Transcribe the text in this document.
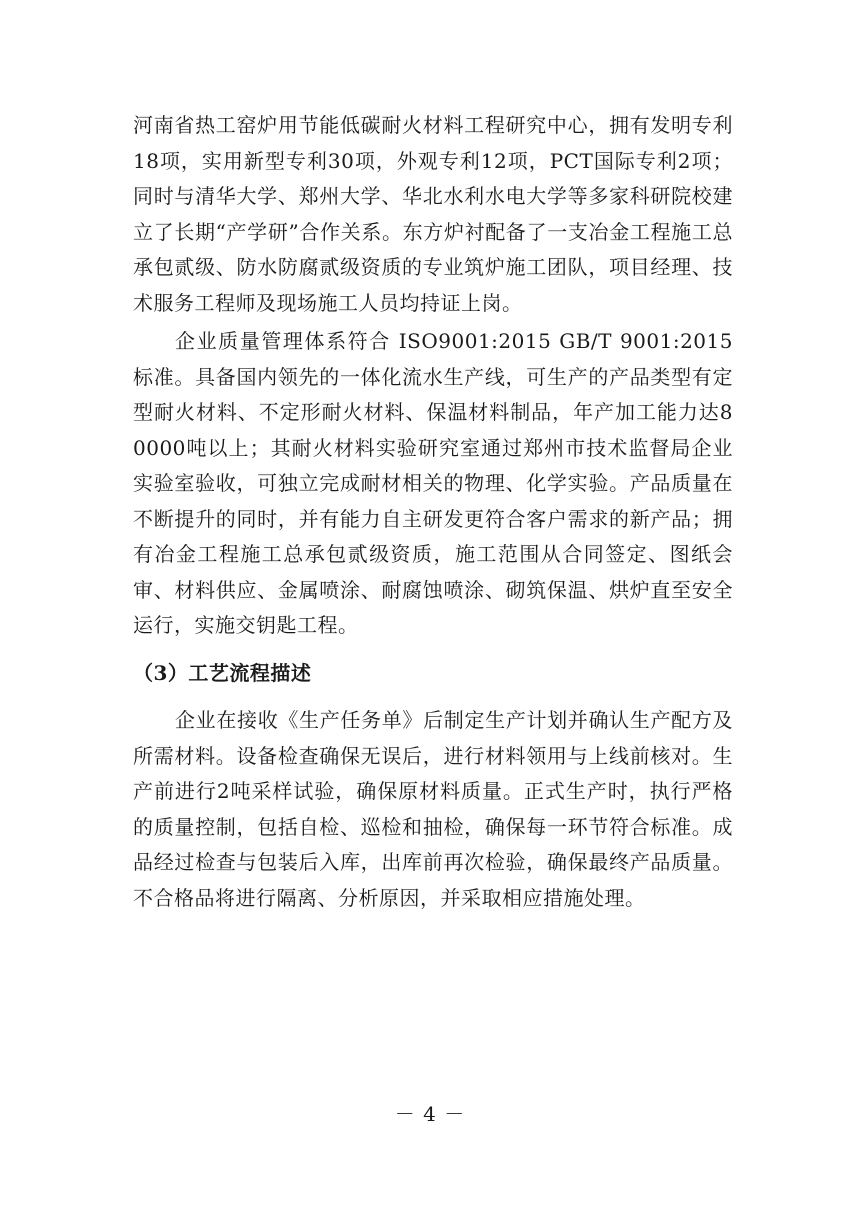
河南省热工窑炉用节能低碳耐火材料工程研究中心，拥有发明专利18项，实用新型专利30项，外观专利12项，PCT国际专利2项；同时与清华大学、郑州大学、华北水利水电大学等多家科研院校建立了长期“产学研”合作关系。东方炉衬配备了一支冶金工程施工总承包贰级、防水防腐贰级资质的专业筑炉施工团队，项目经理、技术服务工程师及现场施工人员均持证上岗。

企业质量管理体系符合 ISO9001:2015 GB/T 9001:2015 标准。具备国内领先的一体化流水生产线，可生产的产品类型有定型耐火材料、不定形耐火材料、保温材料制品，年产加工能力达80000吨以上；其耐火材料实验研究室通过郑州市技术监督局企业实验室验收，可独立完成耐材相关的物理、化学实验。产品质量在不断提升的同时，并有能力自主研发更符合客户需求的新产品；拥有冶金工程施工总承包贰级资质，施工范围从合同签定、图纸会审、材料供应、金属喷涂、耐腐蚀喷涂、砌筑保温、烘炉直至安全运行，实施交钥匙工程。

（3）工艺流程描述

企业在接收《生产任务单》后制定生产计划并确认生产配方及所需材料。设备检查确保无误后，进行材料领用与上线前核对。生产前进行2吨采样试验，确保原材料质量。正式生产时，执行严格的质量控制，包括自检、巡检和抽检，确保每一环节符合标准。成品经过检查与包装后入库，出库前再次检验，确保最终产品质量。不合格品将进行隔离、分析原因，并采取相应措施处理。

－ 4 －
